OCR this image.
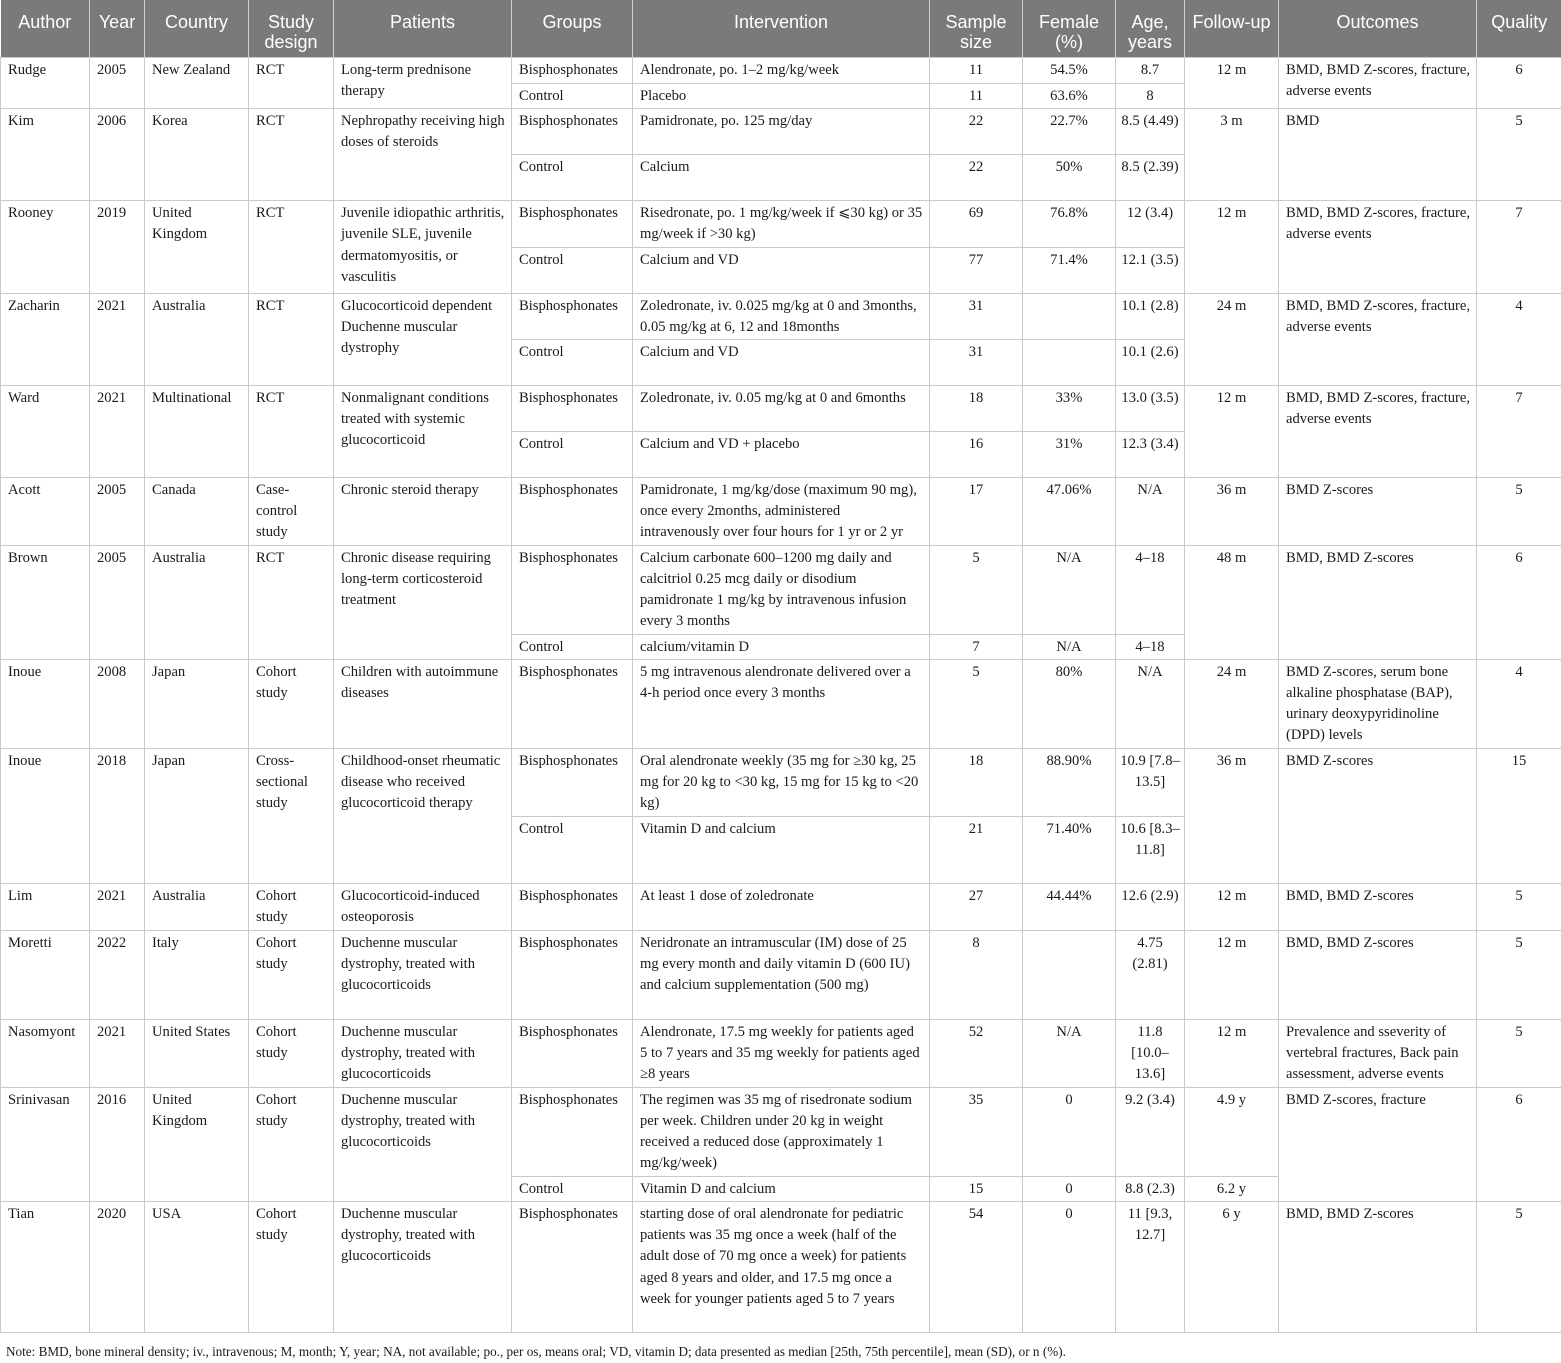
Author	Year	Country	Study design	Patients	Groups	Intervention	Sample size	Female (%)	Age, years	Follow-up	Outcomes	Quality
Rudge	2005	New Zealand	RCT	Long-term prednisone therapy	Bisphosphonates	Alendronate, po. 1–2 mg/kg/week	11	54.5%	8.7	12 m	BMD, BMD Z-scores, fracture, adverse events	6
					Control	Placebo	11	63.6%	8			
Kim	2006	Korea	RCT	Nephropathy receiving high doses of steroids	Bisphosphonates	Pamidronate, po. 125 mg/day	22	22.7%	8.5 (4.49)	3 m	BMD	5
					Control	Calcium	22	50%	8.5 (2.39)			
Rooney	2019	United Kingdom	RCT	Juvenile idiopathic arthritis, juvenile SLE, juvenile dermatomyositis, or vasculitis	Bisphosphonates	Risedronate, po. 1 mg/kg/week if ⩽30 kg) or 35 mg/week if >30 kg)	69	76.8%	12 (3.4)	12 m	BMD, BMD Z-scores, fracture, adverse events	7
					Control	Calcium and VD	77	71.4%	12.1 (3.5)			
Zacharin	2021	Australia	RCT	Glucocorticoid dependent Duchenne muscular dystrophy	Bisphosphonates	Zoledronate, iv. 0.025 mg/kg at 0 and 3months, 0.05 mg/kg at 6, 12 and 18months	31		10.1 (2.8)	24 m	BMD, BMD Z-scores, fracture, adverse events	4
					Control	Calcium and VD	31		10.1 (2.6)			
Ward	2021	Multinational	RCT	Nonmalignant conditions treated with systemic glucocorticoid	Bisphosphonates	Zoledronate, iv. 0.05 mg/kg at 0 and 6months	18	33%	13.0 (3.5)	12 m	BMD, BMD Z-scores, fracture, adverse events	7
					Control	Calcium and VD + placebo	16	31%	12.3 (3.4)			
Acott	2005	Canada	Case-control study	Chronic steroid therapy	Bisphosphonates	Pamidronate, 1 mg/kg/dose (maximum 90 mg), once every 2months, administered intravenously over four hours for 1 yr or 2 yr	17	47.06%	N/A	36 m	BMD Z-scores	5
Brown	2005	Australia	RCT	Chronic disease requiring long-term corticosteroid treatment	Bisphosphonates	Calcium carbonate 600–1200 mg daily and calcitriol 0.25 mcg daily or disodium pamidronate 1 mg/kg by intravenous infusion every 3 months	5	N/A	4–18	48 m	BMD, BMD Z-scores	6
					Control	calcium/vitamin D	7	N/A	4–18			
Inoue	2008	Japan	Cohort study	Children with autoimmune diseases	Bisphosphonates	5 mg intravenous alendronate delivered over a 4-h period once every 3 months	5	80%	N/A	24 m	BMD Z-scores, serum bone alkaline phosphatase (BAP), urinary deoxypyridinoline (DPD) levels	4
Inoue	2018	Japan	Cross-sectional study	Childhood-onset rheumatic disease who received glucocorticoid therapy	Bisphosphonates	Oral alendronate weekly (35 mg for ≥30 kg, 25 mg for 20 kg to <30 kg, 15 mg for 15 kg to <20 kg)	18	88.90%	10.9 [7.8–13.5]	36 m	BMD Z-scores	15
					Control	Vitamin D and calcium	21	71.40%	10.6 [8.3–11.8]			
Lim	2021	Australia	Cohort study	Glucocorticoid-induced osteoporosis	Bisphosphonates	At least 1 dose of zoledronate	27	44.44%	12.6 (2.9)	12 m	BMD, BMD Z-scores	5
Moretti	2022	Italy	Cohort study	Duchenne muscular dystrophy, treated with glucocorticoids	Bisphosphonates	Neridronate an intramuscular (IM) dose of 25 mg every month and daily vitamin D (600 IU) and calcium supplementation (500 mg)	8		4.75 (2.81)	12 m	BMD, BMD Z-scores	5
Nasomyont	2021	United States	Cohort study	Duchenne muscular dystrophy, treated with glucocorticoids	Bisphosphonates	Alendronate, 17.5 mg weekly for patients aged 5 to 7 years and 35 mg weekly for patients aged ≥8 years	52	N/A	11.8 [10.0–13.6]	12 m	Prevalence and sseverity of vertebral fractures, Back pain assessment, adverse events	5
Srinivasan	2016	United Kingdom	Cohort study	Duchenne muscular dystrophy, treated with glucocorticoids	Bisphosphonates	The regimen was 35 mg of risedronate sodium per week. Children under 20 kg in weight received a reduced dose (approximately 1 mg/kg/week)	35	0	9.2 (3.4)	4.9 y	BMD Z-scores, fracture	6
					Control	Vitamin D and calcium	15	0	8.8 (2.3)	6.2 y		
Tian	2020	USA	Cohort study	Duchenne muscular dystrophy, treated with glucocorticoids	Bisphosphonates	starting dose of oral alendronate for pediatric patients was 35 mg once a week (half of the adult dose of 70 mg once a week) for patients aged 8 years and older, and 17.5 mg once a week for younger patients aged 5 to 7 years	54	0	11 [9.3, 12.7]	6 y	BMD, BMD Z-scores	5
Note: BMD, bone mineral density; iv., intravenous; M, month; Y, year; NA, not available; po., per os, means oral; VD, vitamin D; data presented as median [25th, 75th percentile], mean (SD), or n (%).
